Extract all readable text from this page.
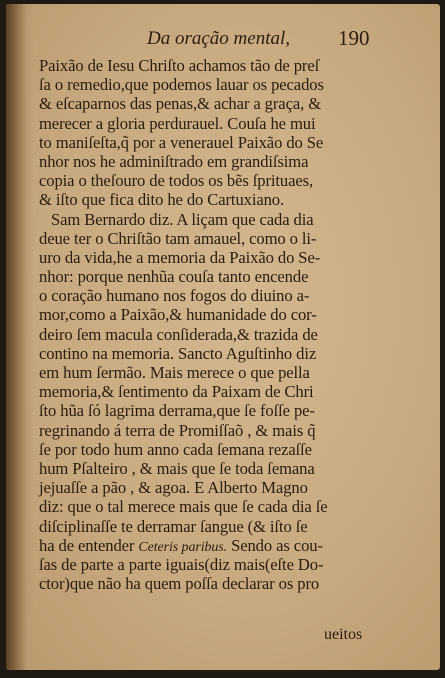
Da oração mental, 190
Paixão de Iesu Chriſto achamos tão de preſ
ſa o remedio,que podemos lauar os pecados
& eſcaparnos das penas,& achar a graça, &
merecer a gloria perdurauel. Couſa he mui
to maniſeſta,q̃ por a venerauel Paixão do Se
nhor nos he adminiſtrado em grandiſsima
copia o theſouro de todos os bẽs ſprituaes,
& iſto que fica dito he do Cartuxiano.
Sam Bernardo diz. A liçam que cada dia
deue ter o Chriſtão tam amauel, como o li-
uro da vida,he a memoria da Paixão do Se-
nhor: porque nenhũa couſa tanto encende
o coração humano nos fogos do diuino a-
mor,como a Paixão,& humanidade do cor-
deiro ſem macula conſiderada,& trazida de
contino na memoria. Sancto Aguſtinho diz
em hum ſermão. Mais merece o que pella
memoria,& ſentimento da Paixam de Chri
ſto hũa ſó lagrima derrama,que ſe foſſe pe-
regrinando á terra de Promiſſaõ , & mais q̃
ſe por todo hum anno cada ſemana rezaſſe
hum Pſalteiro , & mais que ſe toda ſemana
jejuaſſe a pão , & agoa. E Alberto Magno
diz: que o tal merece mais que ſe cada dia ſe
diſciplinaſſe te derramar ſangue (& iſto ſe
ha de entender Ceteris paribus. Sendo as cou-
ſas de parte a parte iguais(diz mais(eſte Do-
ctor)que não ha quem poſſa declarar os pro
ueitos
